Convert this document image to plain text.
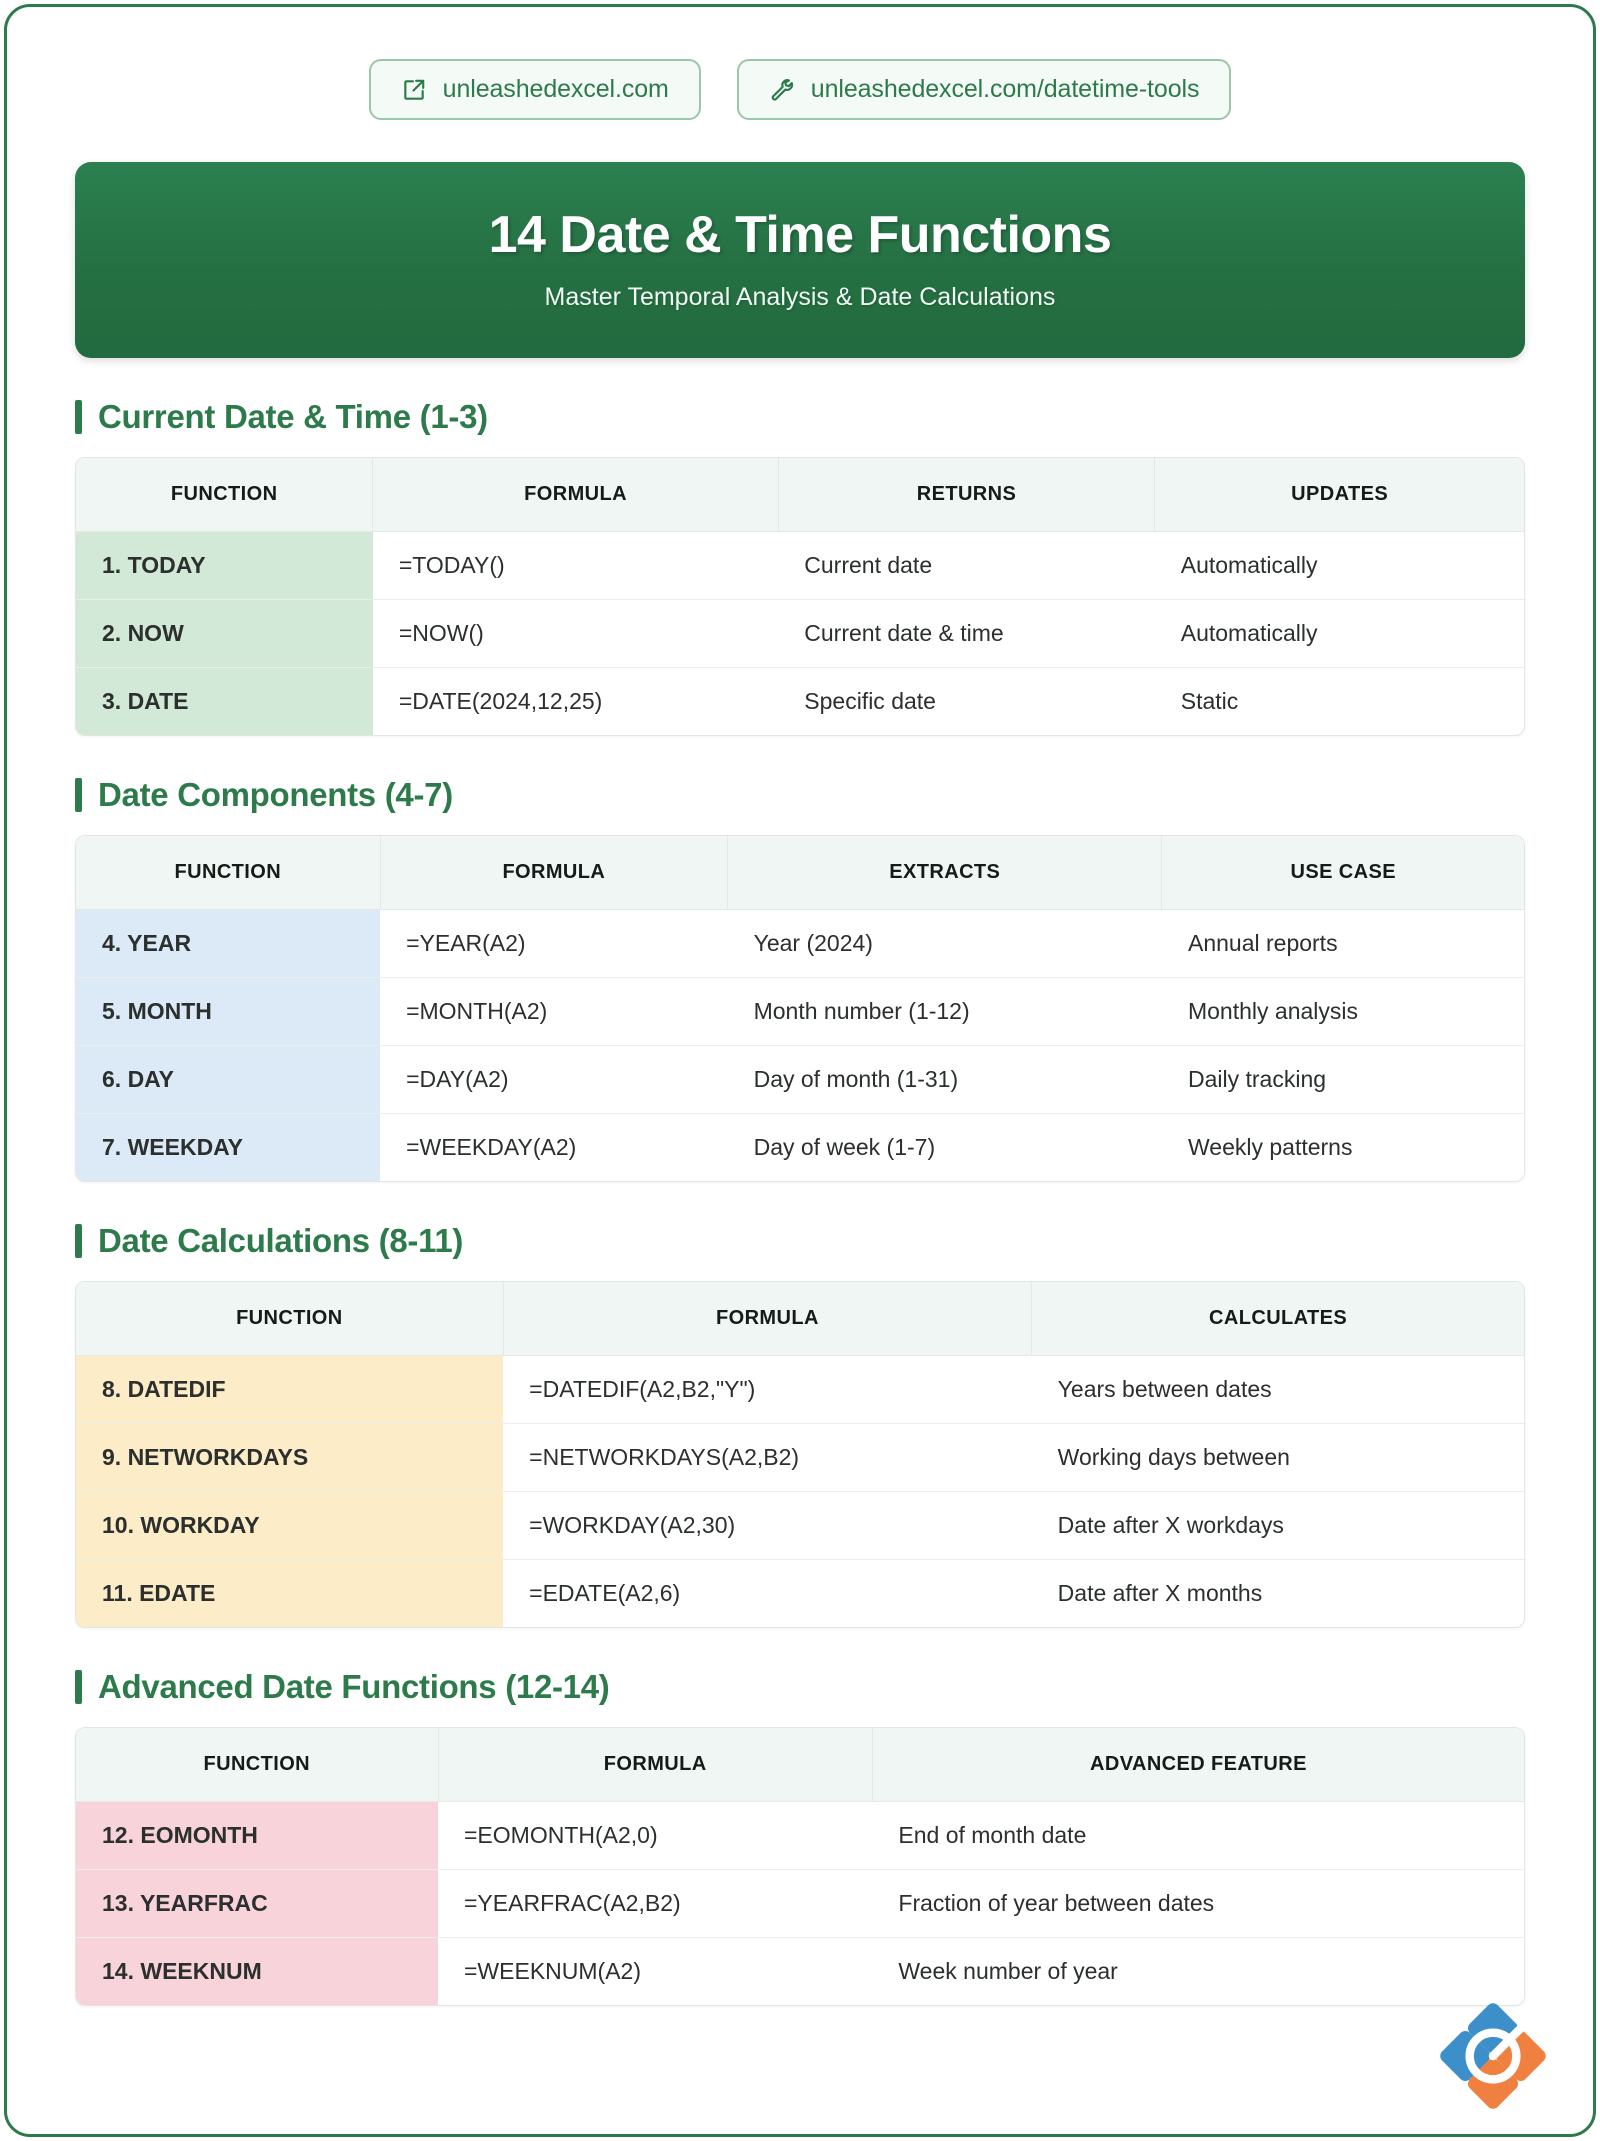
unleashedexcel.com	unleashedexcel.com/datetime-tools
14 Date & Time Functions
Master Temporal Analysis & Date Calculations
Current Date & Time (1-3)
FUNCTION	FORMULA	RETURNS	UPDATES
1. TODAY	=TODAY()	Current date	Automatically
2. NOW	=NOW()	Current date & time	Automatically
3. DATE	=DATE(2024,12,25)	Specific date	Static
Date Components (4-7)
FUNCTION	FORMULA	EXTRACTS	USE CASE
4. YEAR	=YEAR(A2)	Year (2024)	Annual reports
5. MONTH	=MONTH(A2)	Month number (1-12)	Monthly analysis
6. DAY	=DAY(A2)	Day of month (1-31)	Daily tracking
7. WEEKDAY	=WEEKDAY(A2)	Day of week (1-7)	Weekly patterns
Date Calculations (8-11)
FUNCTION	FORMULA	CALCULATES
8. DATEDIF	=DATEDIF(A2,B2,"Y")	Years between dates
9. NETWORKDAYS	=NETWORKDAYS(A2,B2)	Working days between
10. WORKDAY	=WORKDAY(A2,30)	Date after X workdays
11. EDATE	=EDATE(A2,6)	Date after X months
Advanced Date Functions (12-14)
FUNCTION	FORMULA	ADVANCED FEATURE
12. EOMONTH	=EOMONTH(A2,0)	End of month date
13. YEARFRAC	=YEARFRAC(A2,B2)	Fraction of year between dates
14. WEEKNUM	=WEEKNUM(A2)	Week number of year
